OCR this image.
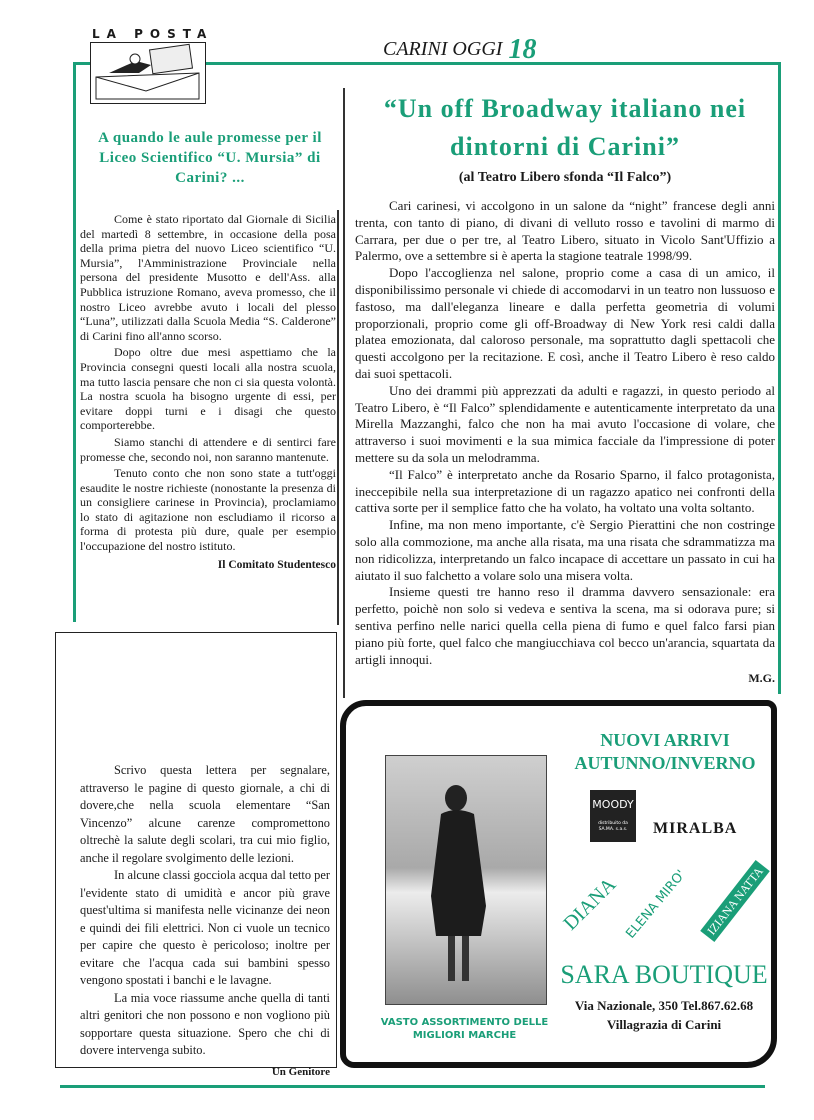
LA POSTA
CARINI OGGI 18
A quando le aule promesse per il Liceo Scientifico “U. Mursia” di Carini? ...

Come è stato riportato dal Giornale di Sicilia del martedì 8 settembre, in occasione della posa della prima pietra del nuovo Liceo scientifico “U. Mursia”, l'Amministrazione Provinciale nella persona del presidente Musotto e dell'Ass. alla Pubblica istruzione Romano, aveva promesso, che il nostro Liceo avrebbe avuto i locali del plesso “Luna”, utilizzati dalla Scuola Media “S. Calderone” di Carini fino all'anno scorso.

Dopo oltre due mesi aspettiamo che la Provincia consegni questi locali alla nostra scuola, ma tutto lascia pensare che non ci sia questa volontà. La nostra scuola ha bisogno urgente di essi, per evitare doppi turni e i disagi che questo comporterebbe.

Siamo stanchi di attendere e di sentirci fare promesse che, secondo noi, non saranno mantenute.

Tenuto conto che non sono state a tutt'oggi esaudite le nostre richieste (nonostante la presenza di un consigliere carinese in Provincia), proclamiamo lo stato di agitazione non escludiamo il ricorso a forma di protesta più dure, quale per esempio l'occupazione del nostro istituto.

Il Comitato Studentesco

“Un off Broadway italiano nei dintorni di Carini”
(al Teatro Libero sfonda “Il Falco”)

Cari carinesi, vi accolgono in un salone da “night” francese degli anni trenta, con tanto di piano, di divani di velluto rosso e tavolini di marmo di Carrara, per due o per tre, al Teatro Libero, situato in Vicolo Sant'Uffizio a Palermo, ove a settembre si è aperta la stagione teatrale 1998/99.

Dopo l'accoglienza nel salone, proprio come a casa di un amico, il disponibilissimo personale vi chiede di accomodarvi in un teatro non lussuoso e fastoso, ma dall'eleganza lineare e dalla perfetta geometria di volumi proporzionali, proprio come gli off-Broadway di New York resi caldi dalla platea emozionata, dal caloroso personale, ma soprattutto dagli spettacoli che questi accolgono per la recitazione. E così, anche il Teatro Libero è reso caldo dai suoi spettacoli.

Uno dei drammi più apprezzati da adulti e ragazzi, in questo periodo al Teatro Libero, è “Il Falco” splendidamente e autenticamente interpretato da una Mirella Mazzanghi, falco che non ha mai avuto l'occasione di volare, che attraverso i suoi movimenti e la sua mimica facciale da l'impressione di poter mettere su da sola un melodramma.

“Il Falco” è interpretato anche da Rosario Sparno, il falco protagonista, ineccepibile nella sua interpretazione di un ragazzo apatico nei confronti della cattiva sorte per il semplice fatto che ha volato, ha voltato una volta soltanto.

Infine, ma non meno importante, c'è Sergio Pierattini che non costringe solo alla commozione, ma anche alla risata, ma una risata che sdrammatizza ma non ridicolizza, interpretando un falco incapace di accettare un passato in cui ha aiutato il suo falchetto a volare solo una misera volta.

Insieme questi tre hanno reso il dramma davvero sensazionale: era perfetto, poichè non solo si vedeva e sentiva la scena, ma si odorava pure; si sentiva perfino nelle narici quella cella piena di fumo e quel falco farsi pian piano più forte, quel falco che mangiucchiava col becco un'arancia, squartata da artigli innoqui.

M.G.

Scrivo questa lettera per segnalare, attraverso le pagine di questo giornale, a chi di dovere,che nella scuola elementare “San Vincenzo” alcune carenze compromettono oltrechè la salute degli scolari, tra cui mio figlio, anche il regolare svolgimento delle lezioni.

In alcune classi gocciola acqua dal tetto per l'evidente stato di umidità e ancor più grave quest'ultima si manifesta nelle vicinanze dei neon e quindi dei fili elettrici. Non ci vuole un tecnico per capire che questo è pericoloso; inoltre per evitare che l'acqua cada sui bambini spesso vengono spostati i banchi e le lavagne.

La mia voce riassume anche quella di tanti altri genitori che non possono e non vogliono più sopportare questa situazione. Spero che chi di dovere intervenga subito.

Un Genitore

VASTO ASSORTIMENTO DELLE MIGLIORI MARCHE
NUOVI ARRIVI
AUTUNNO/INVERNO
MOODY
distribuito da SA.MA. s.a.s.	MIRALBA
DIANA ELENA MIRO'	IZIANA NATTA
SARA BOUTIQUE
Via Nazionale, 350 Tel.867.62.68
Villagrazia di Carini
